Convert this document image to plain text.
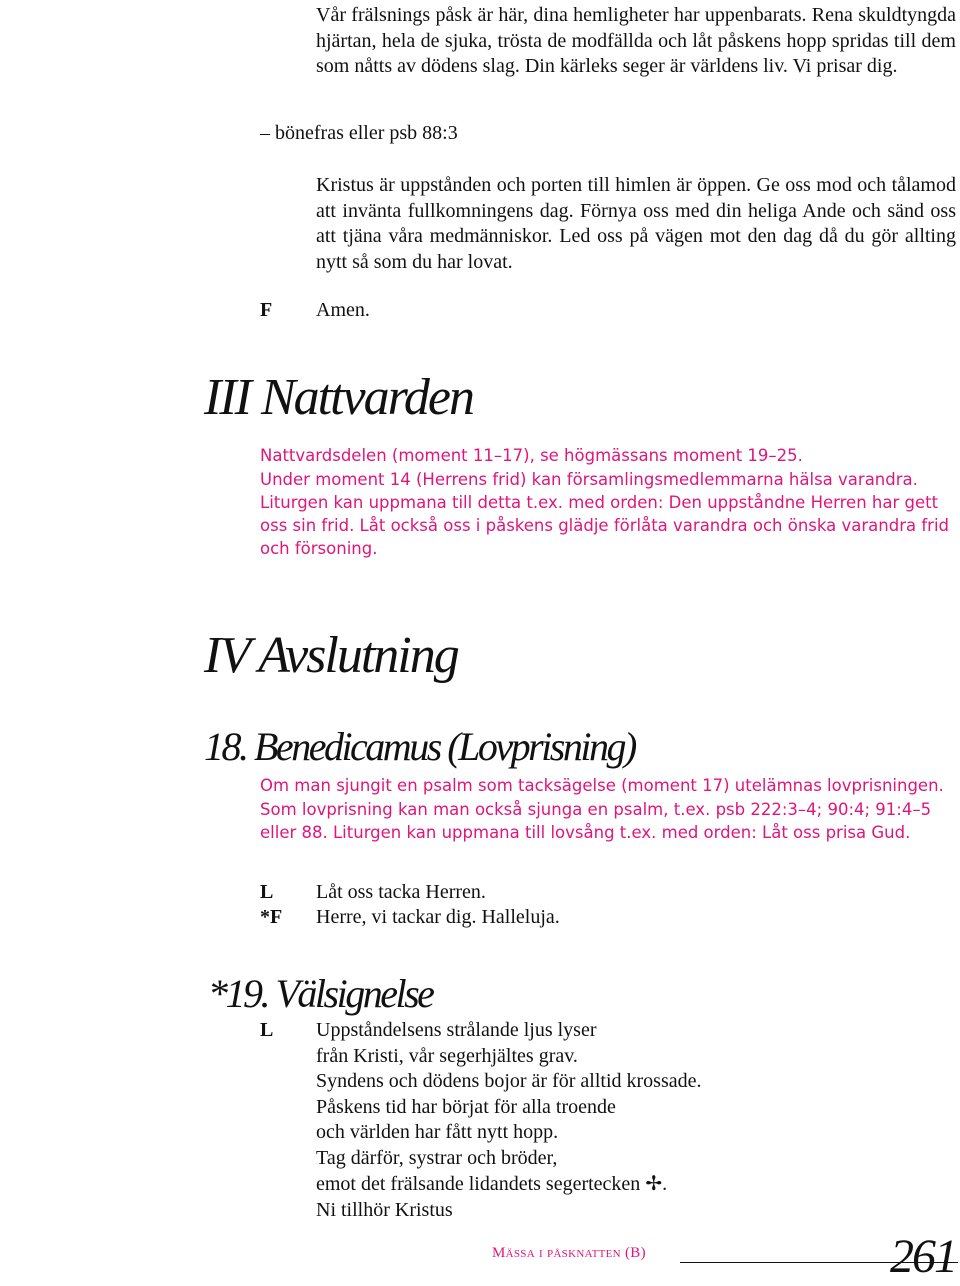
Vår frälsnings påsk är här, dina hemligheter har uppenbarats. Rena skuldtyngda hjärtan, hela de sjuka, trösta de modfällda och låt påskens hopp spridas till dem som nåtts av dödens slag. Din kärleks seger är världens liv. Vi prisar dig.
– bönefras eller psb 88:3
Kristus är uppstånden och porten till himlen är öppen. Ge oss mod och tålamod att invänta fullkomningens dag. Förnya oss med din heliga Ande och sänd oss att tjäna våra medmänniskor. Led oss på vägen mot den dag då du gör allting nytt så som du har lovat.
F Amen.
III Nattvarden
Nattvardsdelen (moment 11–17), se högmässans moment 19–25.
Under moment 14 (Herrens frid) kan församlingsmedlemmarna hälsa varandra. Liturgen kan uppmana till detta t.ex. med orden: Den uppståndne Herren har gett oss sin frid. Låt också oss i påskens glädje förlåta varandra och önska varandra frid och försoning.
IV Avslutning
18. Benedicamus (Lovprisning)
Om man sjungit en psalm som tacksägelse (moment 17) utelämnas lovprisningen.
Som lovprisning kan man också sjunga en psalm, t.ex. psb 222:3–4; 90:4; 91:4–5 eller 88. Liturgen kan uppmana till lovsång t.ex. med orden: Låt oss prisa Gud.
L Låt oss tacka Herren.
*F Herre, vi tackar dig. Halleluja.
*19. Välsignelse
L Uppståndelsens strålande ljus lyser
från Kristi, vår segerhjältes grav.
Syndens och dödens bojor är för alltid krossade.
Påskens tid har börjat för alla troende
och världen har fått nytt hopp.
Tag därför, systrar och bröder,
emot det frälsande lidandets segertecken ✢.
Ni tillhör Kristus
Mässa i påsknatten (B)	261
